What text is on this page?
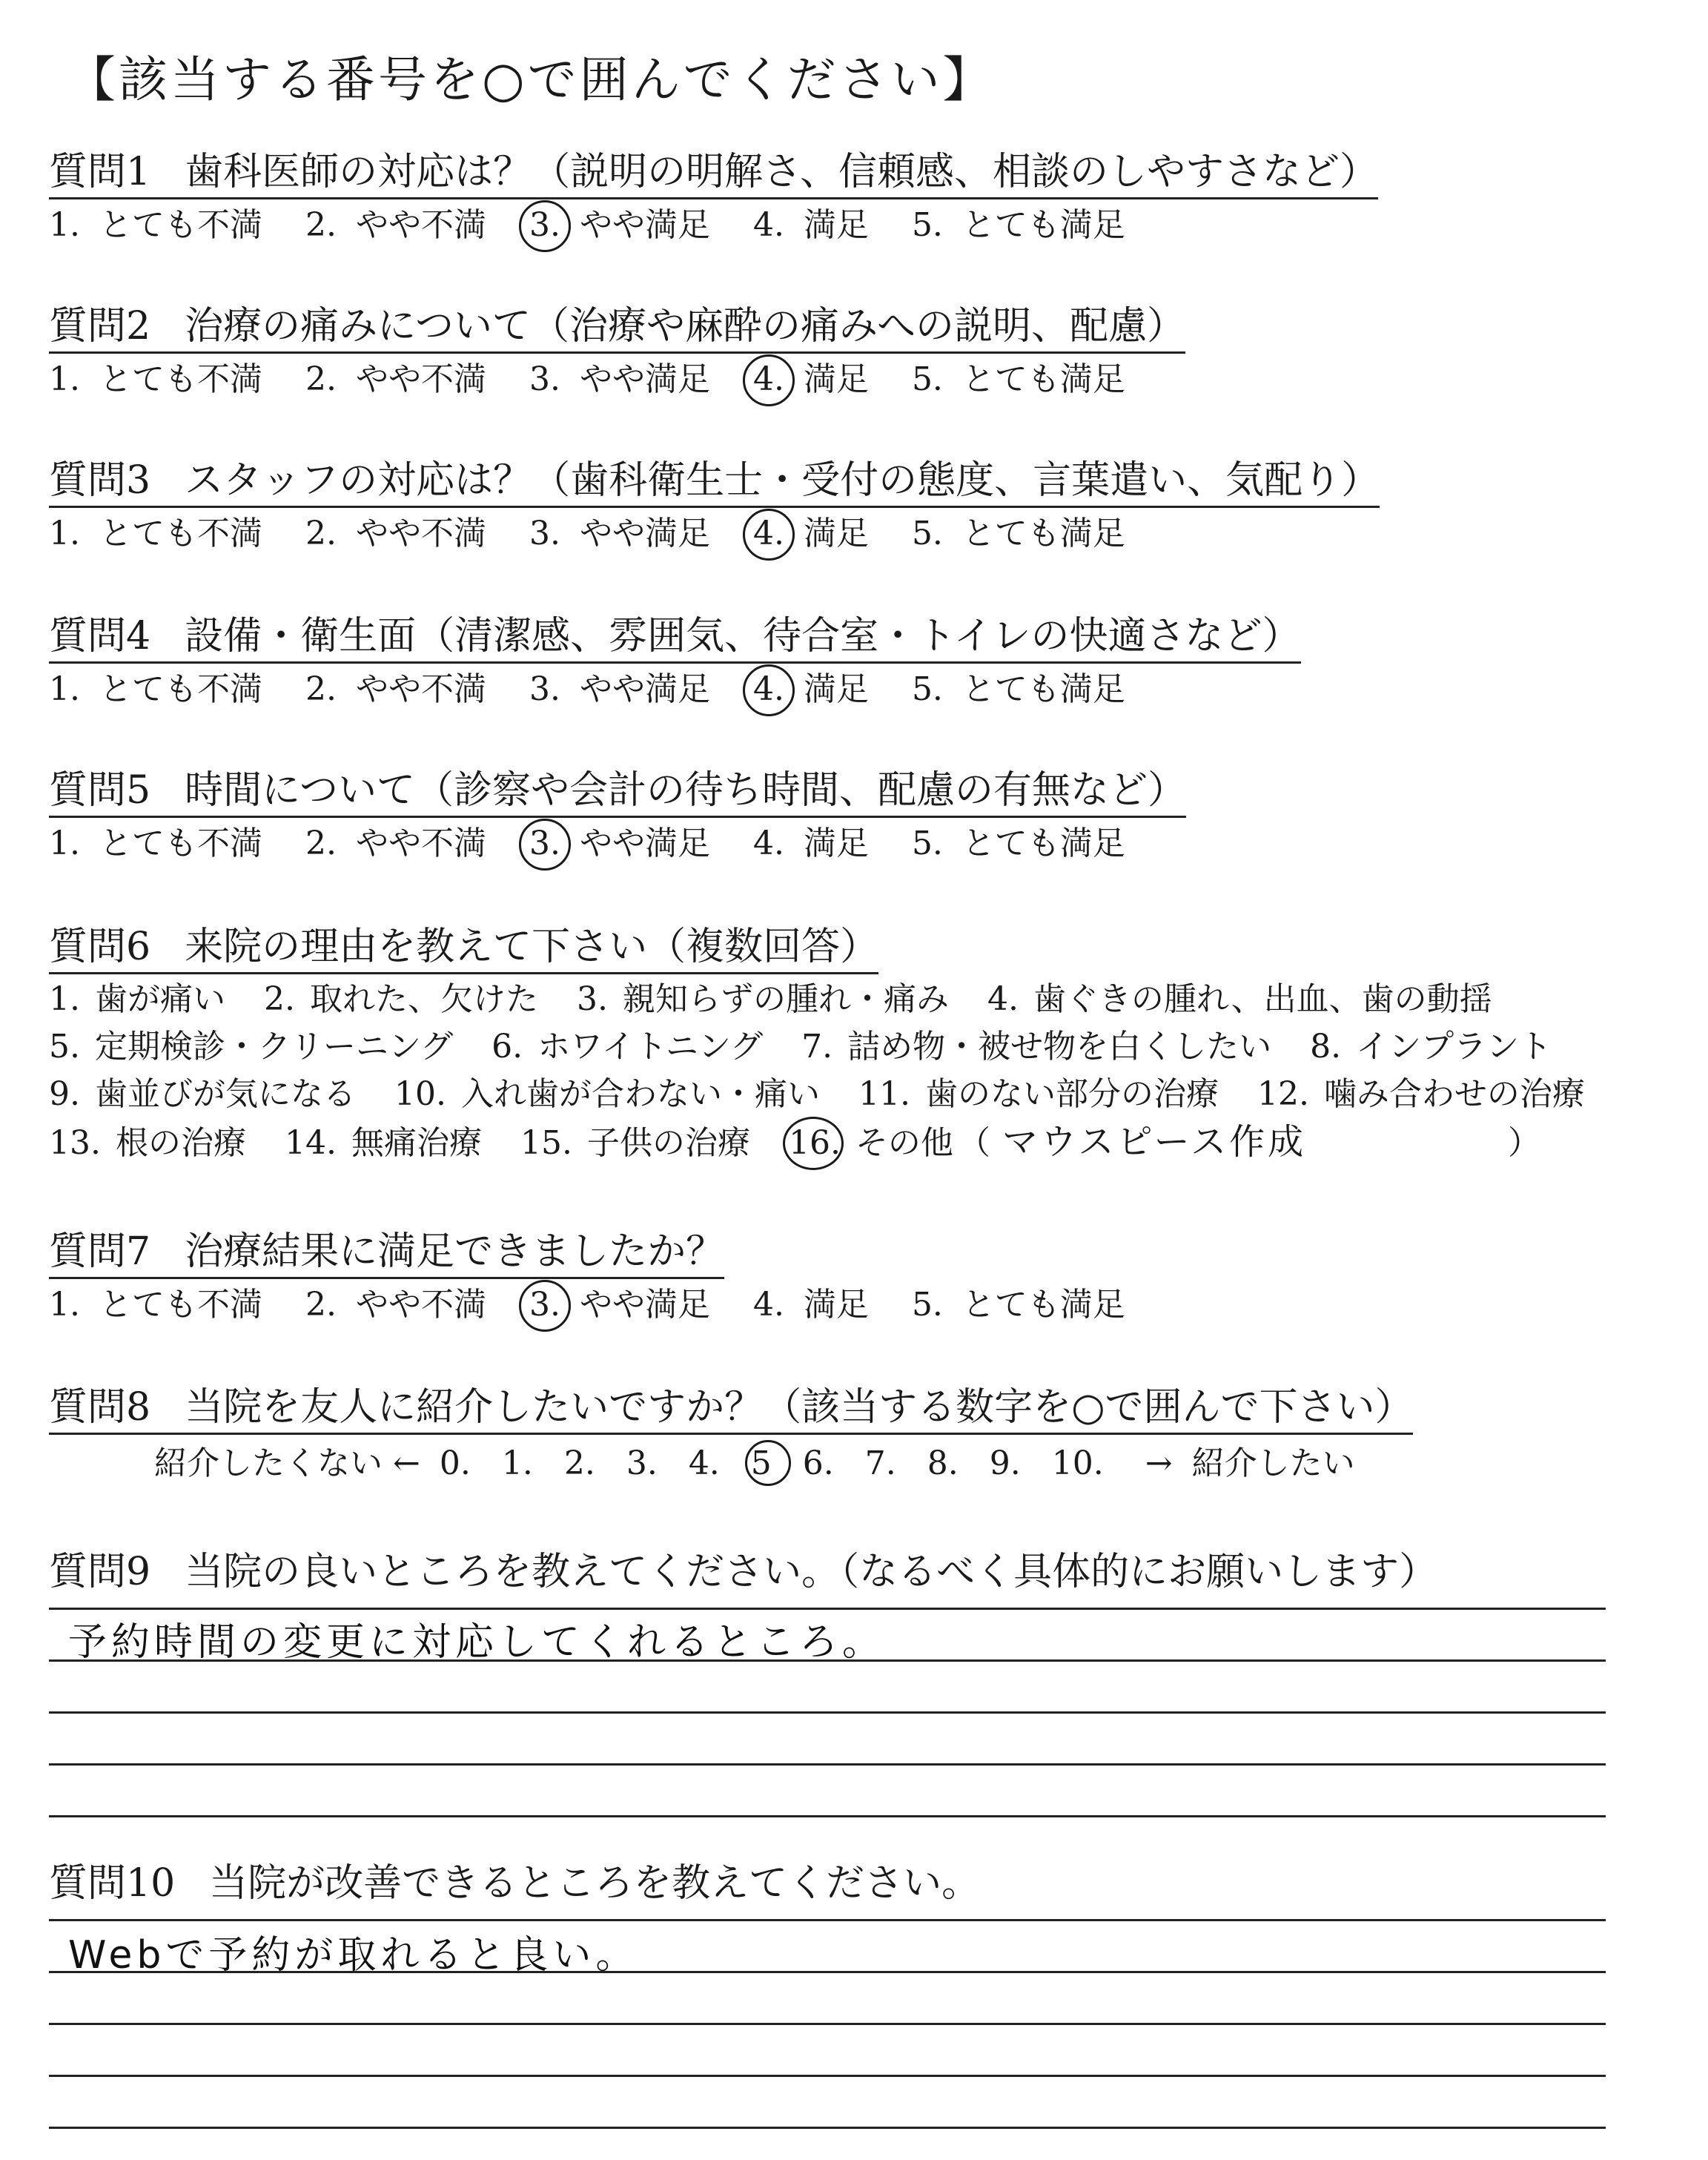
【該当する番号を○で囲んでください】
質問1 歯科医師の対応は？（説明の明解さ、信頼感、相談のしやすさなど）
1. とても不満 2. やや不満 3. やや満足 4. 満足 5. とても満足
質問2 治療の痛みについて（治療や麻酔の痛みへの説明、配慮）
1. とても不満 2. やや不満 3. やや満足 4. 満足 5. とても満足
質問3 スタッフの対応は？（歯科衛生士・受付の態度、言葉遣い、気配り）
1. とても不満 2. やや不満 3. やや満足 4. 満足 5. とても満足
質問4 設備・衛生面（清潔感、雰囲気、待合室・トイレの快適さなど）
1. とても不満 2. やや不満 3. やや満足 4. 満足 5. とても満足
質問5 時間について（診察や会計の待ち時間、配慮の有無など）
1. とても不満 2. やや不満 3. やや満足 4. 満足 5. とても満足
質問6 来院の理由を教えて下さい（複数回答）
1. 歯が痛い 2. 取れた、欠けた 3. 親知らずの腫れ・痛み 4. 歯ぐきの腫れ、出血、歯の動揺
5. 定期検診・クリーニング 6. ホワイトニング 7. 詰め物・被せ物を白くしたい 8. インプラント
9. 歯並びが気になる 10. 入れ歯が合わない・痛い 11. 歯のない部分の治療 12. 噛み合わせの治療
13. 根の治療 14. 無痛治療 15. 子供の治療 16. その他 （ マウスピース作成	）
質問7 治療結果に満足できましたか？
1. とても不満 2. やや不満 3. やや満足 4. 満足 5. とても満足
質問8 当院を友人に紹介したいですか？（該当する数字を○で囲んで下さい）
紹介したくない ← 0. 1. 2. 3. 4. 5 6. 7. 8. 9. 10. → 紹介したい
質問9 当院の良いところを教えてください。（なるべく具体的にお願いします）
予約時間の変更に対応してくれるところ。
質問10 当院が改善できるところを教えてください。
Webで予約が取れると良い。
